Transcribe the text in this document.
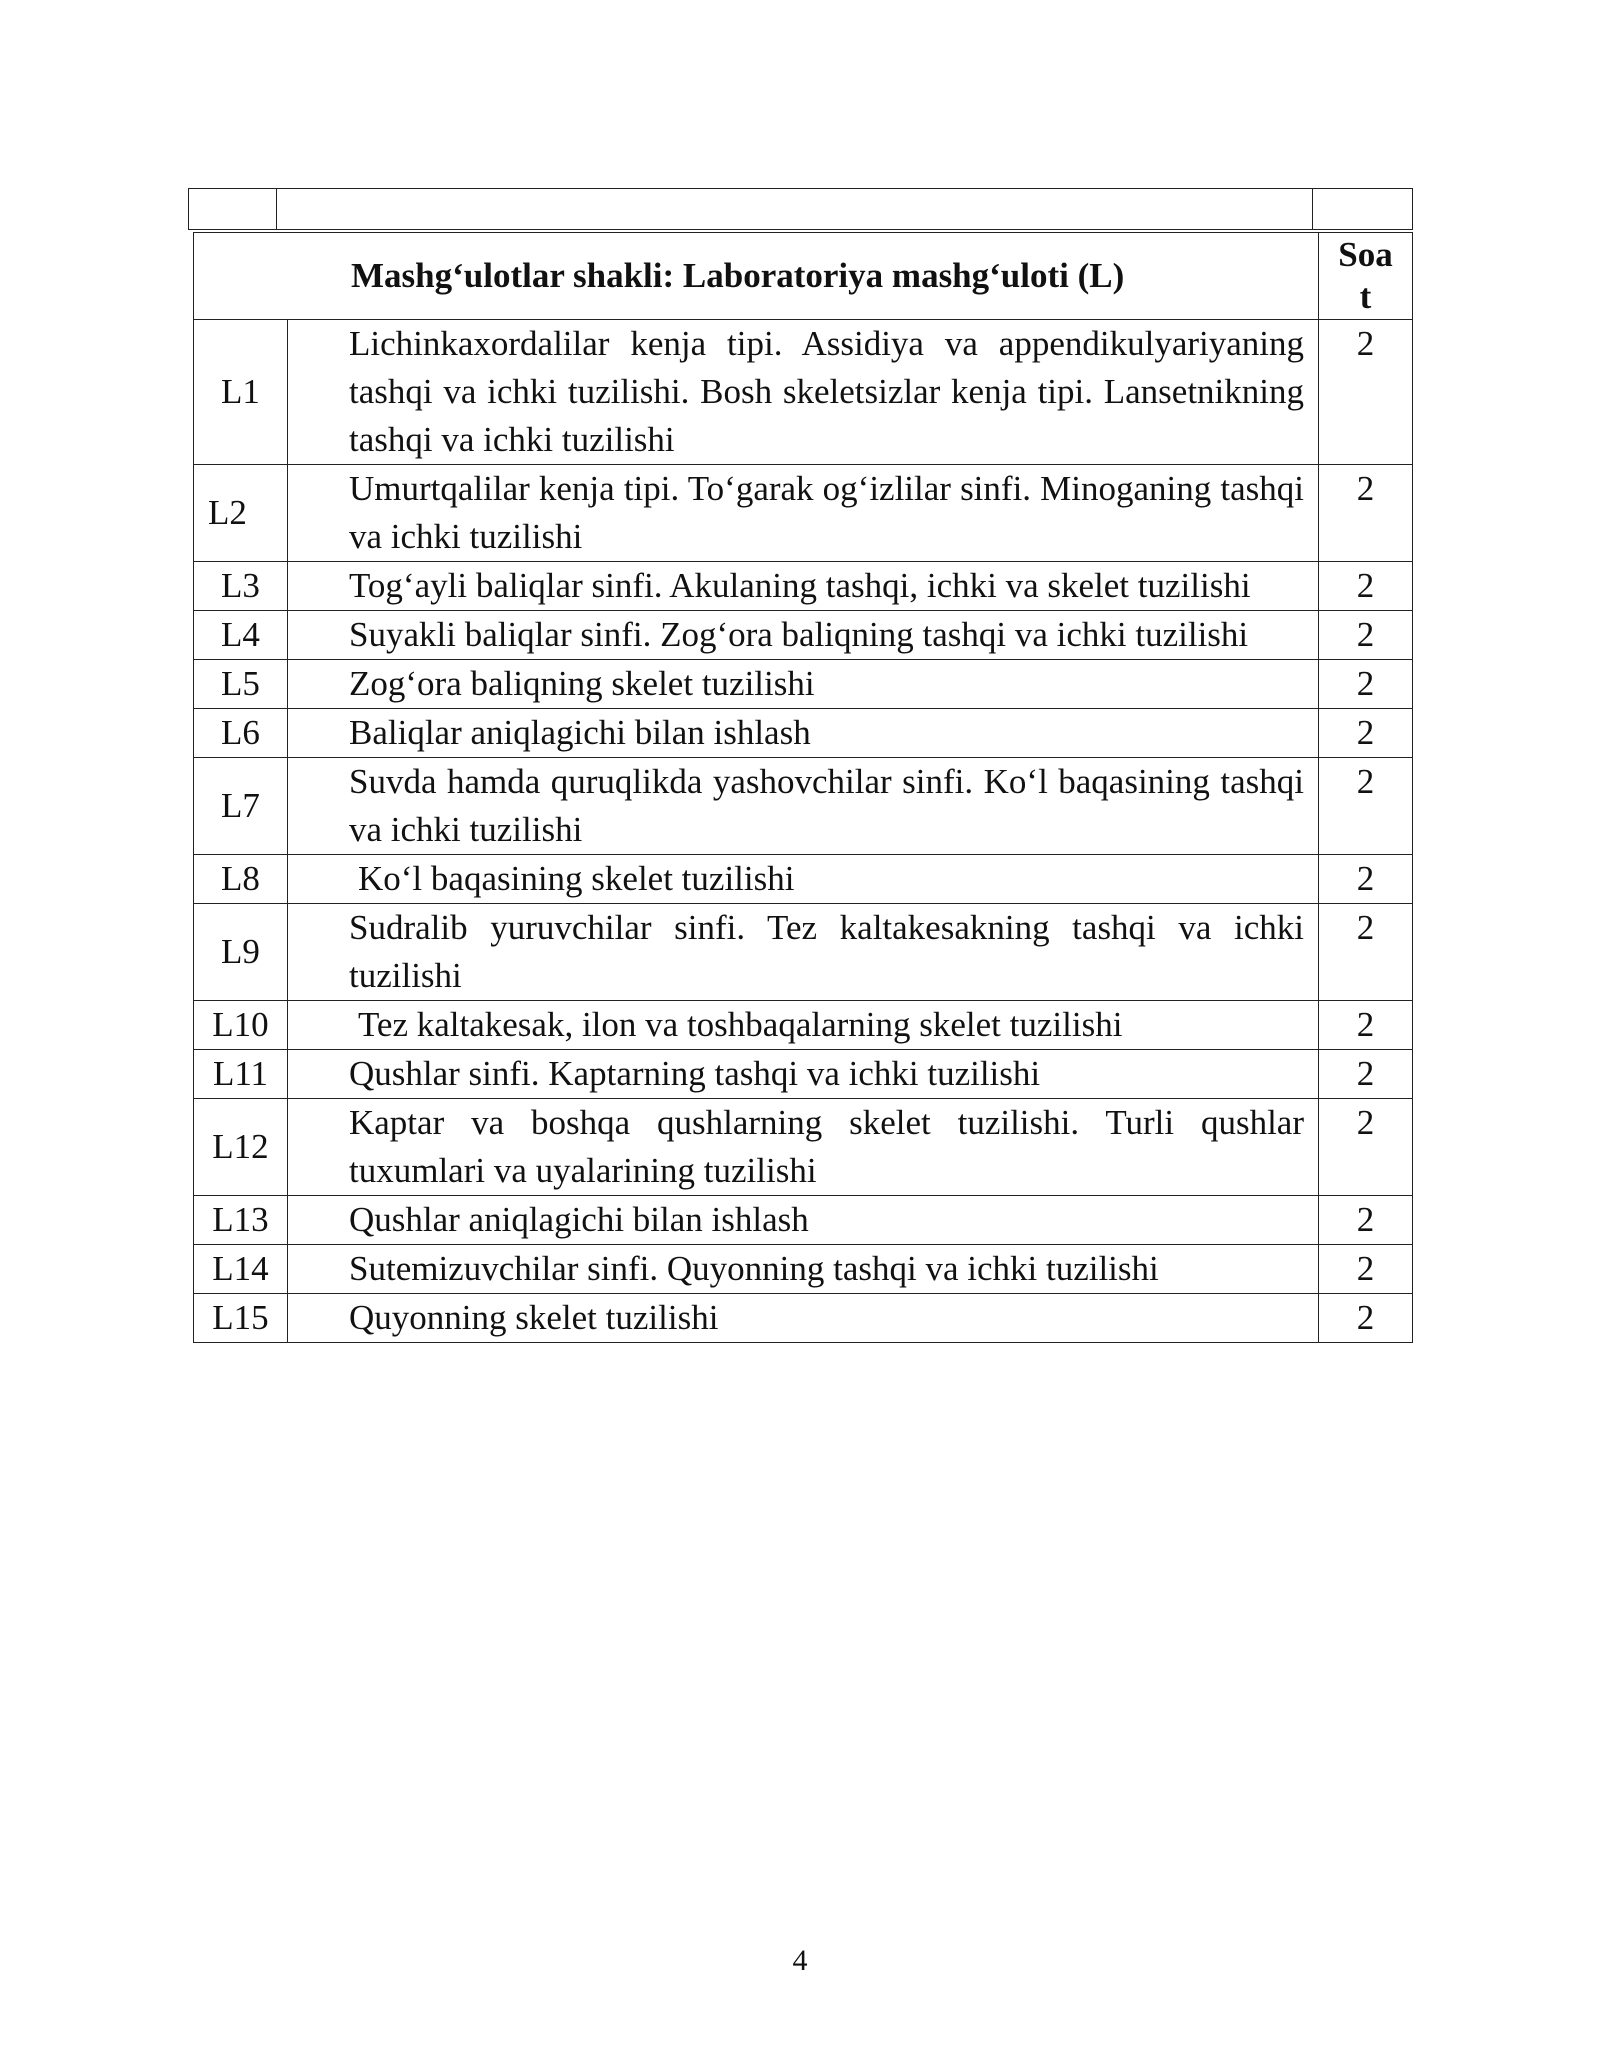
Mashg‘ulotlar shakli: Laboratoriya mashg‘uloti (L)		Soa
t
L1	Lichinkaxordalilar kenja tipi. Assidiya va appendikulyariyaning tashqi va ichki tuzilishi. Bosh skeletsizlar kenja tipi. Lansetnikning tashqi va ichki tuzilishi	2
L2	Umurtqalilar kenja tipi. To‘garak og‘izlilar sinfi. Minoganing tashqi va ichki tuzilishi	2
L3	Tog‘ayli baliqlar sinfi. Akulaning tashqi, ichki va skelet tuzilishi	2
L4	Suyakli baliqlar sinfi. Zog‘ora baliqning tashqi va ichki tuzilishi	2
L5	Zog‘ora baliqning skelet tuzilishi	2
L6	Baliqlar aniqlagichi bilan ishlash	2
L7	Suvda hamda quruqlikda yashovchilar sinfi. Ko‘l baqasining tashqi va ichki tuzilishi	2
L8	Ko‘l baqasining skelet tuzilishi	2
L9	Sudralib yuruvchilar sinfi. Tez kaltakesakning tashqi va ichki tuzilishi	2
L10	Tez kaltakesak, ilon va toshbaqalarning skelet tuzilishi	2
L11	Qushlar sinfi. Kaptarning tashqi va ichki tuzilishi	2
L12	Kaptar va boshqa qushlarning skelet tuzilishi. Turli qushlar tuxumlari va uyalarining tuzilishi	2
L13	Qushlar aniqlagichi bilan ishlash	2
L14	Sutemizuvchilar sinfi. Quyonning tashqi va ichki tuzilishi	2
L15	Quyonning skelet tuzilishi	2
4
